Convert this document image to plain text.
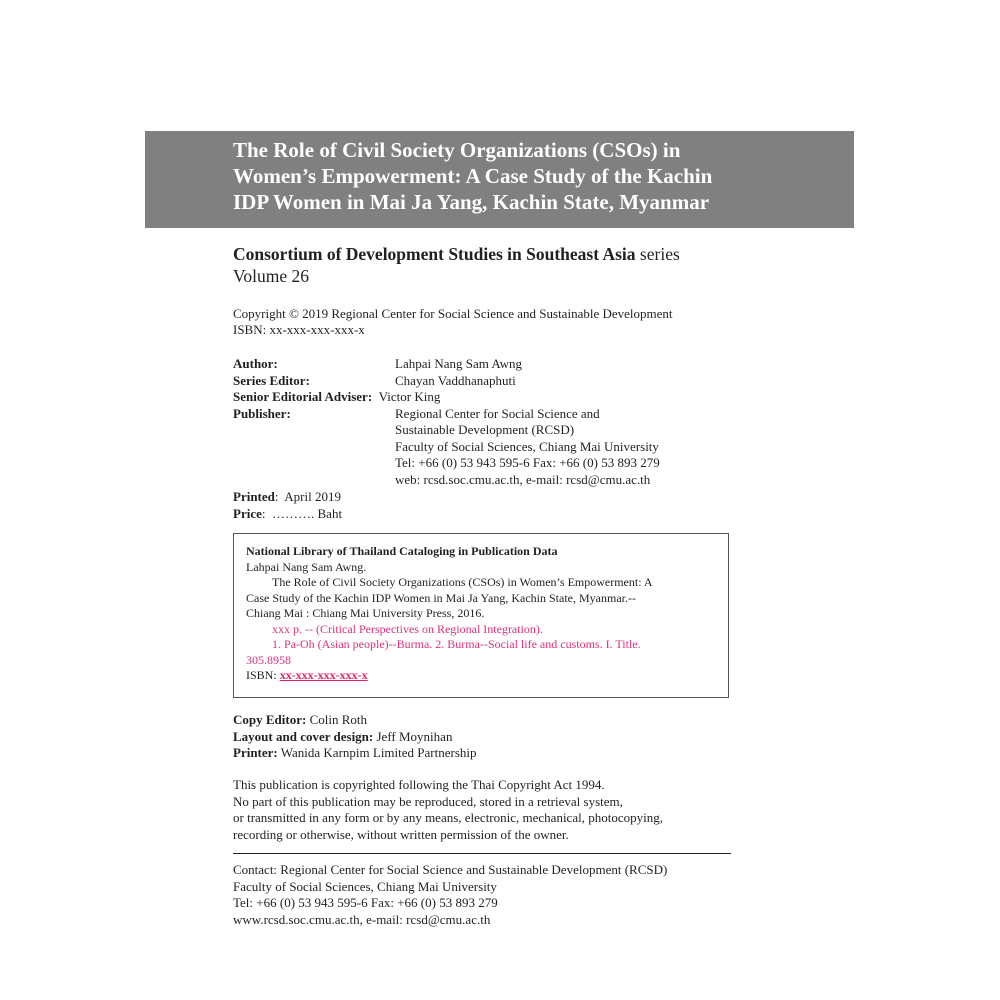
The Role of Civil Society Organizations (CSOs) in
Women’s Empowerment: A Case Study of the Kachin
IDP Women in Mai Ja Yang, Kachin State, Myanmar
Consortium of Development Studies in Southeast Asia series
Volume 26
Copyright © 2019 Regional Center for Social Science and Sustainable Development
ISBN: xx-xxx-xxx-xxx-x
Author:	Lahpai Nang Sam Awng
Series Editor:	Chayan Vaddhanaphuti
Senior Editorial Adviser: Victor King
Publisher:	Regional Center for Social Science and
Sustainable Development (RCSD)
Faculty of Social Sciences, Chiang Mai University
Tel: +66 (0) 53 943 595-6 Fax: +66 (0) 53 893 279
web: rcsd.soc.cmu.ac.th, e-mail: rcsd@cmu.ac.th
Printed:  April 2019
Price:  ………. Baht
National Library of Thailand Cataloging in Publication Data
Lahpai Nang Sam Awng.
The Role of Civil Society Organizations (CSOs) in Women’s Empowerment: A
Case Study of the Kachin IDP Women in Mai Ja Yang, Kachin State, Myanmar.--
Chiang Mai : Chiang Mai University Press, 2016.
xxx p. -- (Critical Perspectives on Regional Integration).
1. Pa-Oh (Asian people)--Burma. 2. Burma--Social life and customs. I. Title.
305.8958
ISBN: xx-xxx-xxx-xxx-x
Copy Editor: Colin Roth
Layout and cover design: Jeff Moynihan
Printer: Wanida Karnpim Limited Partnership
This publication is copyrighted following the Thai Copyright Act 1994.
No part of this publication may be reproduced, stored in a retrieval system,
or transmitted in any form or by any means, electronic, mechanical, photocopying,
recording or otherwise, without written permission of the owner.
Contact: Regional Center for Social Science and Sustainable Development (RCSD)
Faculty of Social Sciences, Chiang Mai University
Tel: +66 (0) 53 943 595-6 Fax: +66 (0) 53 893 279
www.rcsd.soc.cmu.ac.th, e-mail: rcsd@cmu.ac.th
